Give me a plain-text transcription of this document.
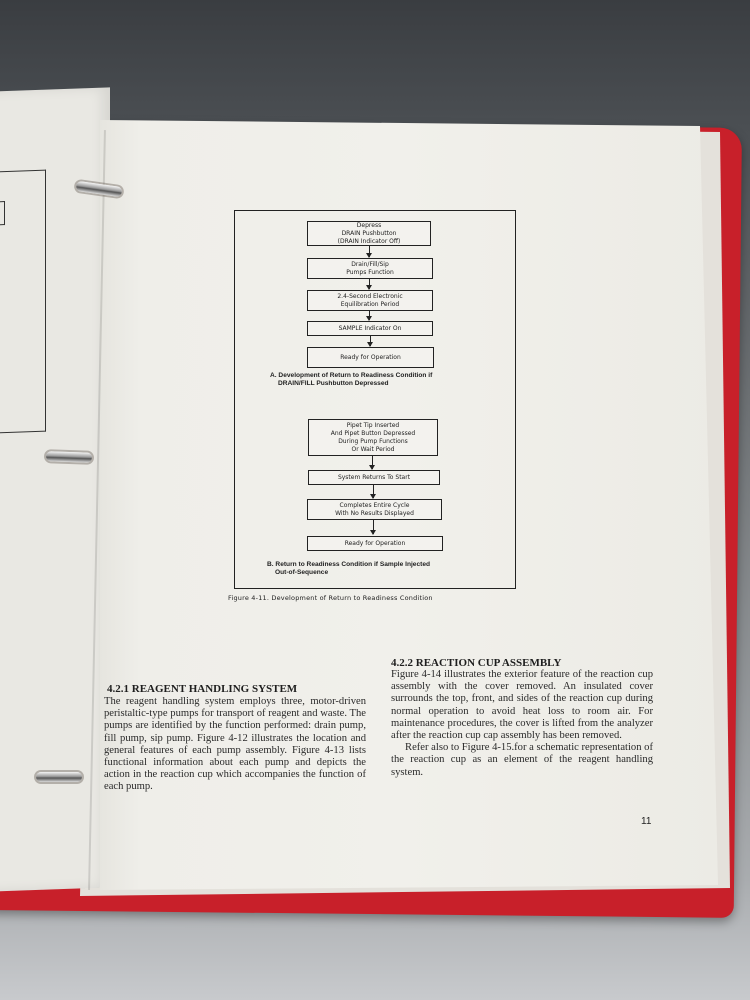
Depress
DRAIN Pushbutton
(DRAIN Indicator Off)
Drain/Fill/Sip
Pumps Function
2.4-Second Electronic
Equilibration Period
SAMPLE Indicator On
Ready for Operation
A. Development of Return to Readiness Condition if
DRAIN/FILL Pushbutton Depressed
Pipet Tip Inserted
And Pipet Button Depressed
During Pump Functions
Or Wait Period
System Returns To Start
Completes Entire Cycle
With No Results Displayed
Ready for Operation
B. Return to Readiness Condition if Sample Injected
Out-of-Sequence
Figure 4-11. Development of Return to Readiness Condition
4.2.1 REAGENT HANDLING SYSTEM

The reagent handling system employs three, motor-driven peristaltic-type pumps for transport of reagent and waste. The pumps are identified by the function performed: drain pump, fill pump, sip pump. Figure 4-12 illustrates the location and general features of each pump assembly. Figure 4-13 lists functional information about each pump and depicts the action in the reaction cup which accompanies the function of each pump.

4.2.2 REACTION CUP ASSEMBLY

Figure 4-14 illustrates the exterior feature of the reaction cup assembly with the cover removed. An insulated cover surrounds the top, front, and sides of the reaction cup during normal operation to avoid heat loss to room air. For maintenance procedures, the cover is lifted from the analyzer after the reaction cup cap assembly has been removed.

Refer also to Figure 4-15.for a schematic representation of the reaction cup as an element of the reagent handling system.

11
